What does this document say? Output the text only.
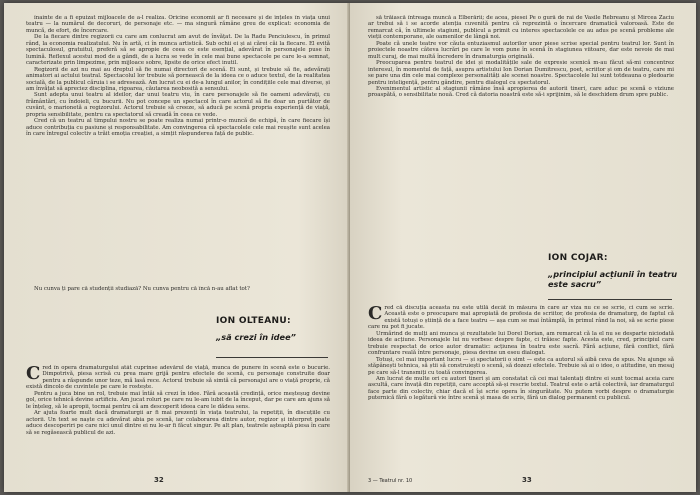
înainte de a fi epuizat mijloacele de a-l realiza. Oricine economii ar fi necesare și de înțeles în viața unui teatru — la numărul de decoruri, de personaje etc. — ma singură rămâne greu de explicat: economia de muncă, de efort, de încercare.

De la fiecare dintre regizorii cu care am conlucrat am avut de învățat. De la Radu Penciulescu, în primul rând, la economia realizatului. Nu în artă, ci în munca artistică. Sub ochii ei și ai cărei căi la flecare. El evită spectaculosul, gratuitul, preferă să se apropie de ceea ce este esențial, adevărat în personajele puse în lumină. Reflexul acestui mod de a gândi, de a lucra se vede în cele mai bune spectacole pe care le-a semnat, caracterizate prin limpezime, prin mijloace sobre, lipsite de orice efect inutil.

Regizorii de azi nu mai au dreptul să fie numai directori de scenă. Ei sunt, și trebuie să fie, adevărați animatori ai actului teatral. Spectacolul lor trebuie să pornească de la ideea ce o aduce textul, de la realitatea socială, de la publicul căruia i se adresează. Am lucrat cu ei de-a lungul anilor, în condițiile cele mai diverse, și am învățat să apreciez disciplina, rigoarea, căutarea neobosită a sensului.

Sunt adepta unui teatru al ideilor, dar unui teatru viu, în care personajele să fie oameni adevărați, cu frământări, cu îndoieli, cu bucurii. Nu pot concepe un spectacol în care actorul să fie doar un purtător de cuvânt, o marionetă a regizorului. Actorul trebuie să creeze, să aducă pe scenă propria experiență de viață, propria sensibilitate, pentru ca spectatorul să creadă în ceea ce vede.

Cred că un teatru al timpului nostru se poate realiza numai printr-o muncă de echipă, în care fiecare își aduce contribuția cu pasiune și responsabilitate. Am convingerea că spectacolele cele mai reușite sunt acelea în care întregul colectiv a trăit emoția creației, a simțit răspunderea față de public.

Nu cunva ți pare că studenții studiază? Nu cunva pentru că încă n-au aflat tot?

ION OLTEANU:
„să crezi în idee”

Cred în opera dramaturgului atât cuprinse adevărul de viață, munca de punere în scenă este o bucurie. Dimpotrivă, piesa scrisă cu prea mare grijă pentru efectele de scenă, cu personaje construite doar pentru a răspunde unor teze, mă lasă rece. Actorul trebuie să simtă că personajul are o viață proprie, că există dincolo de cuvintele pe care le rostește.

Pentru a juca bine un rol, trebuie mai întâi să crezi în idee. Fără această credință, orice meșteșug devine gol, orice tehnică devine artificiu. Am jucat roluri pe care nu le-am iubit de la început, dar pe care am ajuns să le înțeleg, să le apropii, tocmai pentru că am descoperit ideea care le dădea sens.

Ar ajuta foarte mult dacă dramaturgii ar fi mai prezenți în viața teatrului, la repetiții, în discuțiile cu actorii. Un text se naște cu adevărat abia pe scenă, iar colaborarea dintre autor, regizor și interpret poate aduce descoperiri pe care nici unul dintre ei nu le-ar fi făcut singur. Pe alt plan, teatrele așteaptă piesa în care să se regăsească publicul de azi.

32

să trăiască întreaga muncă a Elberării; de acea, piesei Pe o gură de rai de Vasile Rebreanu și Mircea Zaciu ar trebui să i se acorde atenția cuvenită pentru că reprezintă o încercare dramatică valoroasă. Este de remarcat că, în ultimele stagiuni, publicul a primit cu interes spectacolele ce au adus pe scenă probleme ale vieții contemporane, ale oamenilor de lângă noi.

Poate că unele teatre vor căuta entuziasmul autorilor unor piese scrise special pentru teatrul lor. Sunt în proiectele noastre câteva lucrări pe care le vom pune în scenă în stagiunea viitoare, dar este nevoie de mai mult curaj, de mai multă încredere în dramaturgia originală.

Preocuparea pentru teatrul de idei și modalitățile sale de expresie scenică m-au făcut să-mi concentrez interesul, în momentul de față, asupra artistului Ion Dorian Dumitrescu, poet, scriitor și om de teatru, care mi se pare una din cele mai complexe personalități ale scenei noastre. Spectacolele lui sunt totdeauna o pledoarie pentru inteligență, pentru gândire, pentru dialogul cu spectatorul.

Evenimentul artistic al stagiunii rămâne însă apropierea de autorii tineri, care aduc pe scenă o viziune proaspătă, o sensibilitate nouă. Cred că datoria noastră este să-i sprijinim, să le deschidem drum spre public.

ION COJAR:
„principiul acțiunii în teatru este sacru”

Cred că discuția aceasta nu este utilă decât în măsura în care ar viza nu ce se scrie, ci cum se scrie. Această este o preocupare mai apropiată de profesia de scriitor, de profesia de dramaturg, de faptul că există totuși o știință de a face teatru — așa cum se mai întâmplă, în primul rând la noi, să se scrie piese care nu pot fi jucate.

Urmărind de mulți ani munca și rezultatele lui Dorel Dorian, am remarcat că la el nu se desparte niciodată ideea de acțiune. Personajele lui nu vorbesc despre fapte, ci trăiesc fapte. Acesta este, cred, principiul care trebuie respectat de orice autor dramatic: acțiunea în teatru este sacră. Fără acțiune, fără conflict, fără confruntare reală între personaje, piesa devine un eseu dialogat.

Totuși, cel mai important lucru — și spectatorii o simt — este ca autorul să aibă ceva de spus. Nu ajunge să stăpânești tehnica, să știi să construiești o scenă, să dozezi efectele. Trebuie să ai o idee, o atitudine, un mesaj pe care să-l transmiți cu toată convingerea.

Am lucrat de multe ori cu autori tineri și am constatat că cei mai talentați dintre ei sunt tocmai aceia care ascultă, care învață din repetiții, care acceptă să-și rescrie textul. Teatrul este o artă colectivă, iar dramaturgul face parte din colectiv, chiar dacă el își scrie opera în singurătate. Nu putem vorbi despre o dramaturgie puternică fără o legătură vie între scenă și masa de scris, fără un dialog permanent cu publicul.

3 — Teatrul nr. 10	33
